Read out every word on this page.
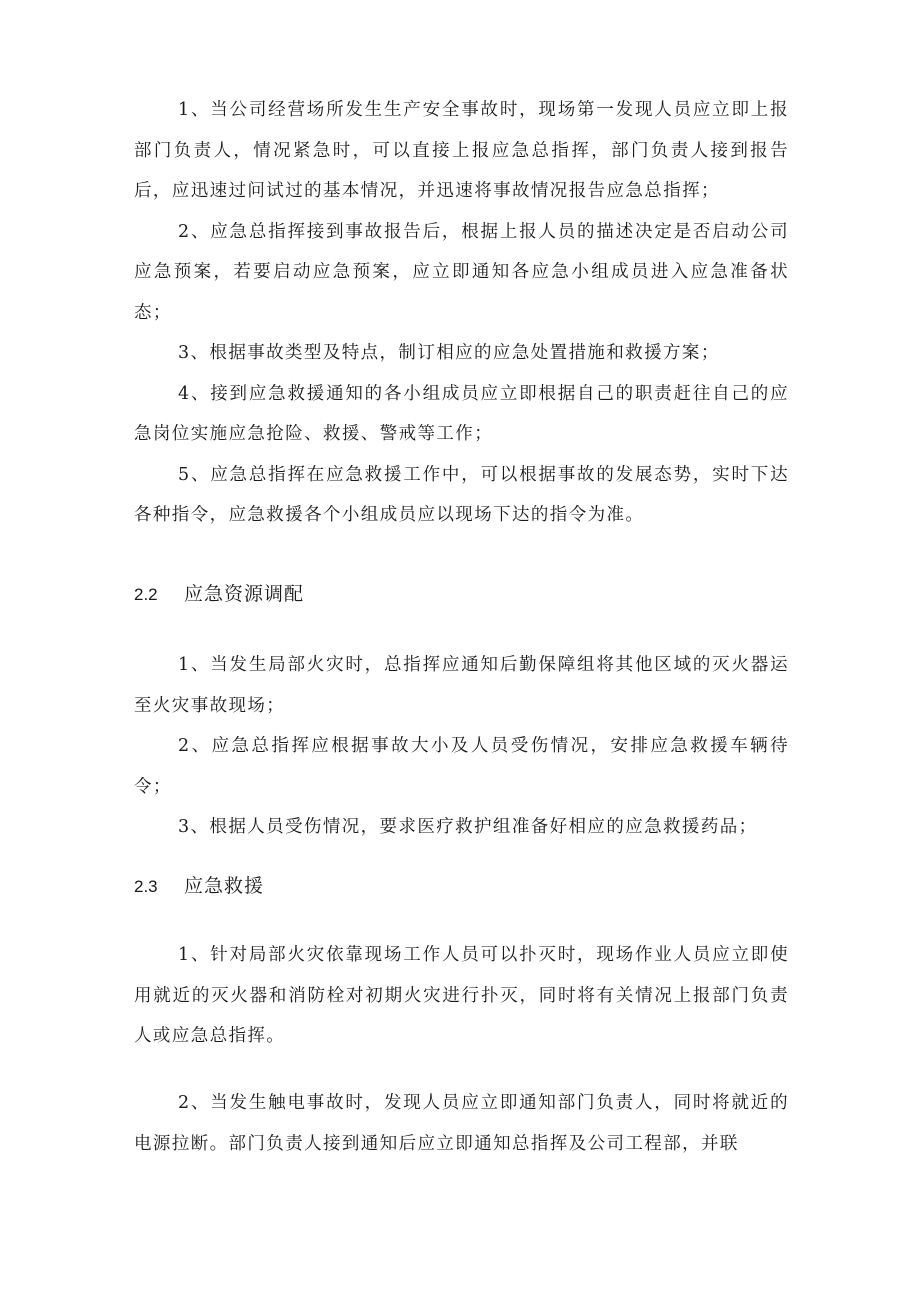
1、当公司经营场所发生生产安全事故时，现场第一发现人员应立即上报部门负责人，情况紧急时，可以直接上报应急总指挥，部门负责人接到报告后，应迅速过问试过的基本情况，并迅速将事故情况报告应急总指挥；

2、应急总指挥接到事故报告后，根据上报人员的描述决定是否启动公司应急预案，若要启动应急预案，应立即通知各应急小组成员进入应急准备状态；

3、根据事故类型及特点，制订相应的应急处置措施和救援方案；

4、接到应急救援通知的各小组成员应立即根据自己的职责赶往自己的应急岗位实施应急抢险、救援、警戒等工作；

5、应急总指挥在应急救援工作中，可以根据事故的发展态势，实时下达各种指令，应急救援各个小组成员应以现场下达的指令为准。

2.2 应急资源调配

1、当发生局部火灾时，总指挥应通知后勤保障组将其他区域的灭火器运至火灾事故现场；

2、应急总指挥应根据事故大小及人员受伤情况，安排应急救援车辆待令；

3、根据人员受伤情况，要求医疗救护组准备好相应的应急救援药品；

2.3 应急救援

1、针对局部火灾依靠现场工作人员可以扑灭时，现场作业人员应立即使用就近的灭火器和消防栓对初期火灾进行扑灭，同时将有关情况上报部门负责人或应急总指挥。

2、当发生触电事故时，发现人员应立即通知部门负责人，同时将就近的电源拉断。部门负责人接到通知后应立即通知总指挥及公司工程部，并联
